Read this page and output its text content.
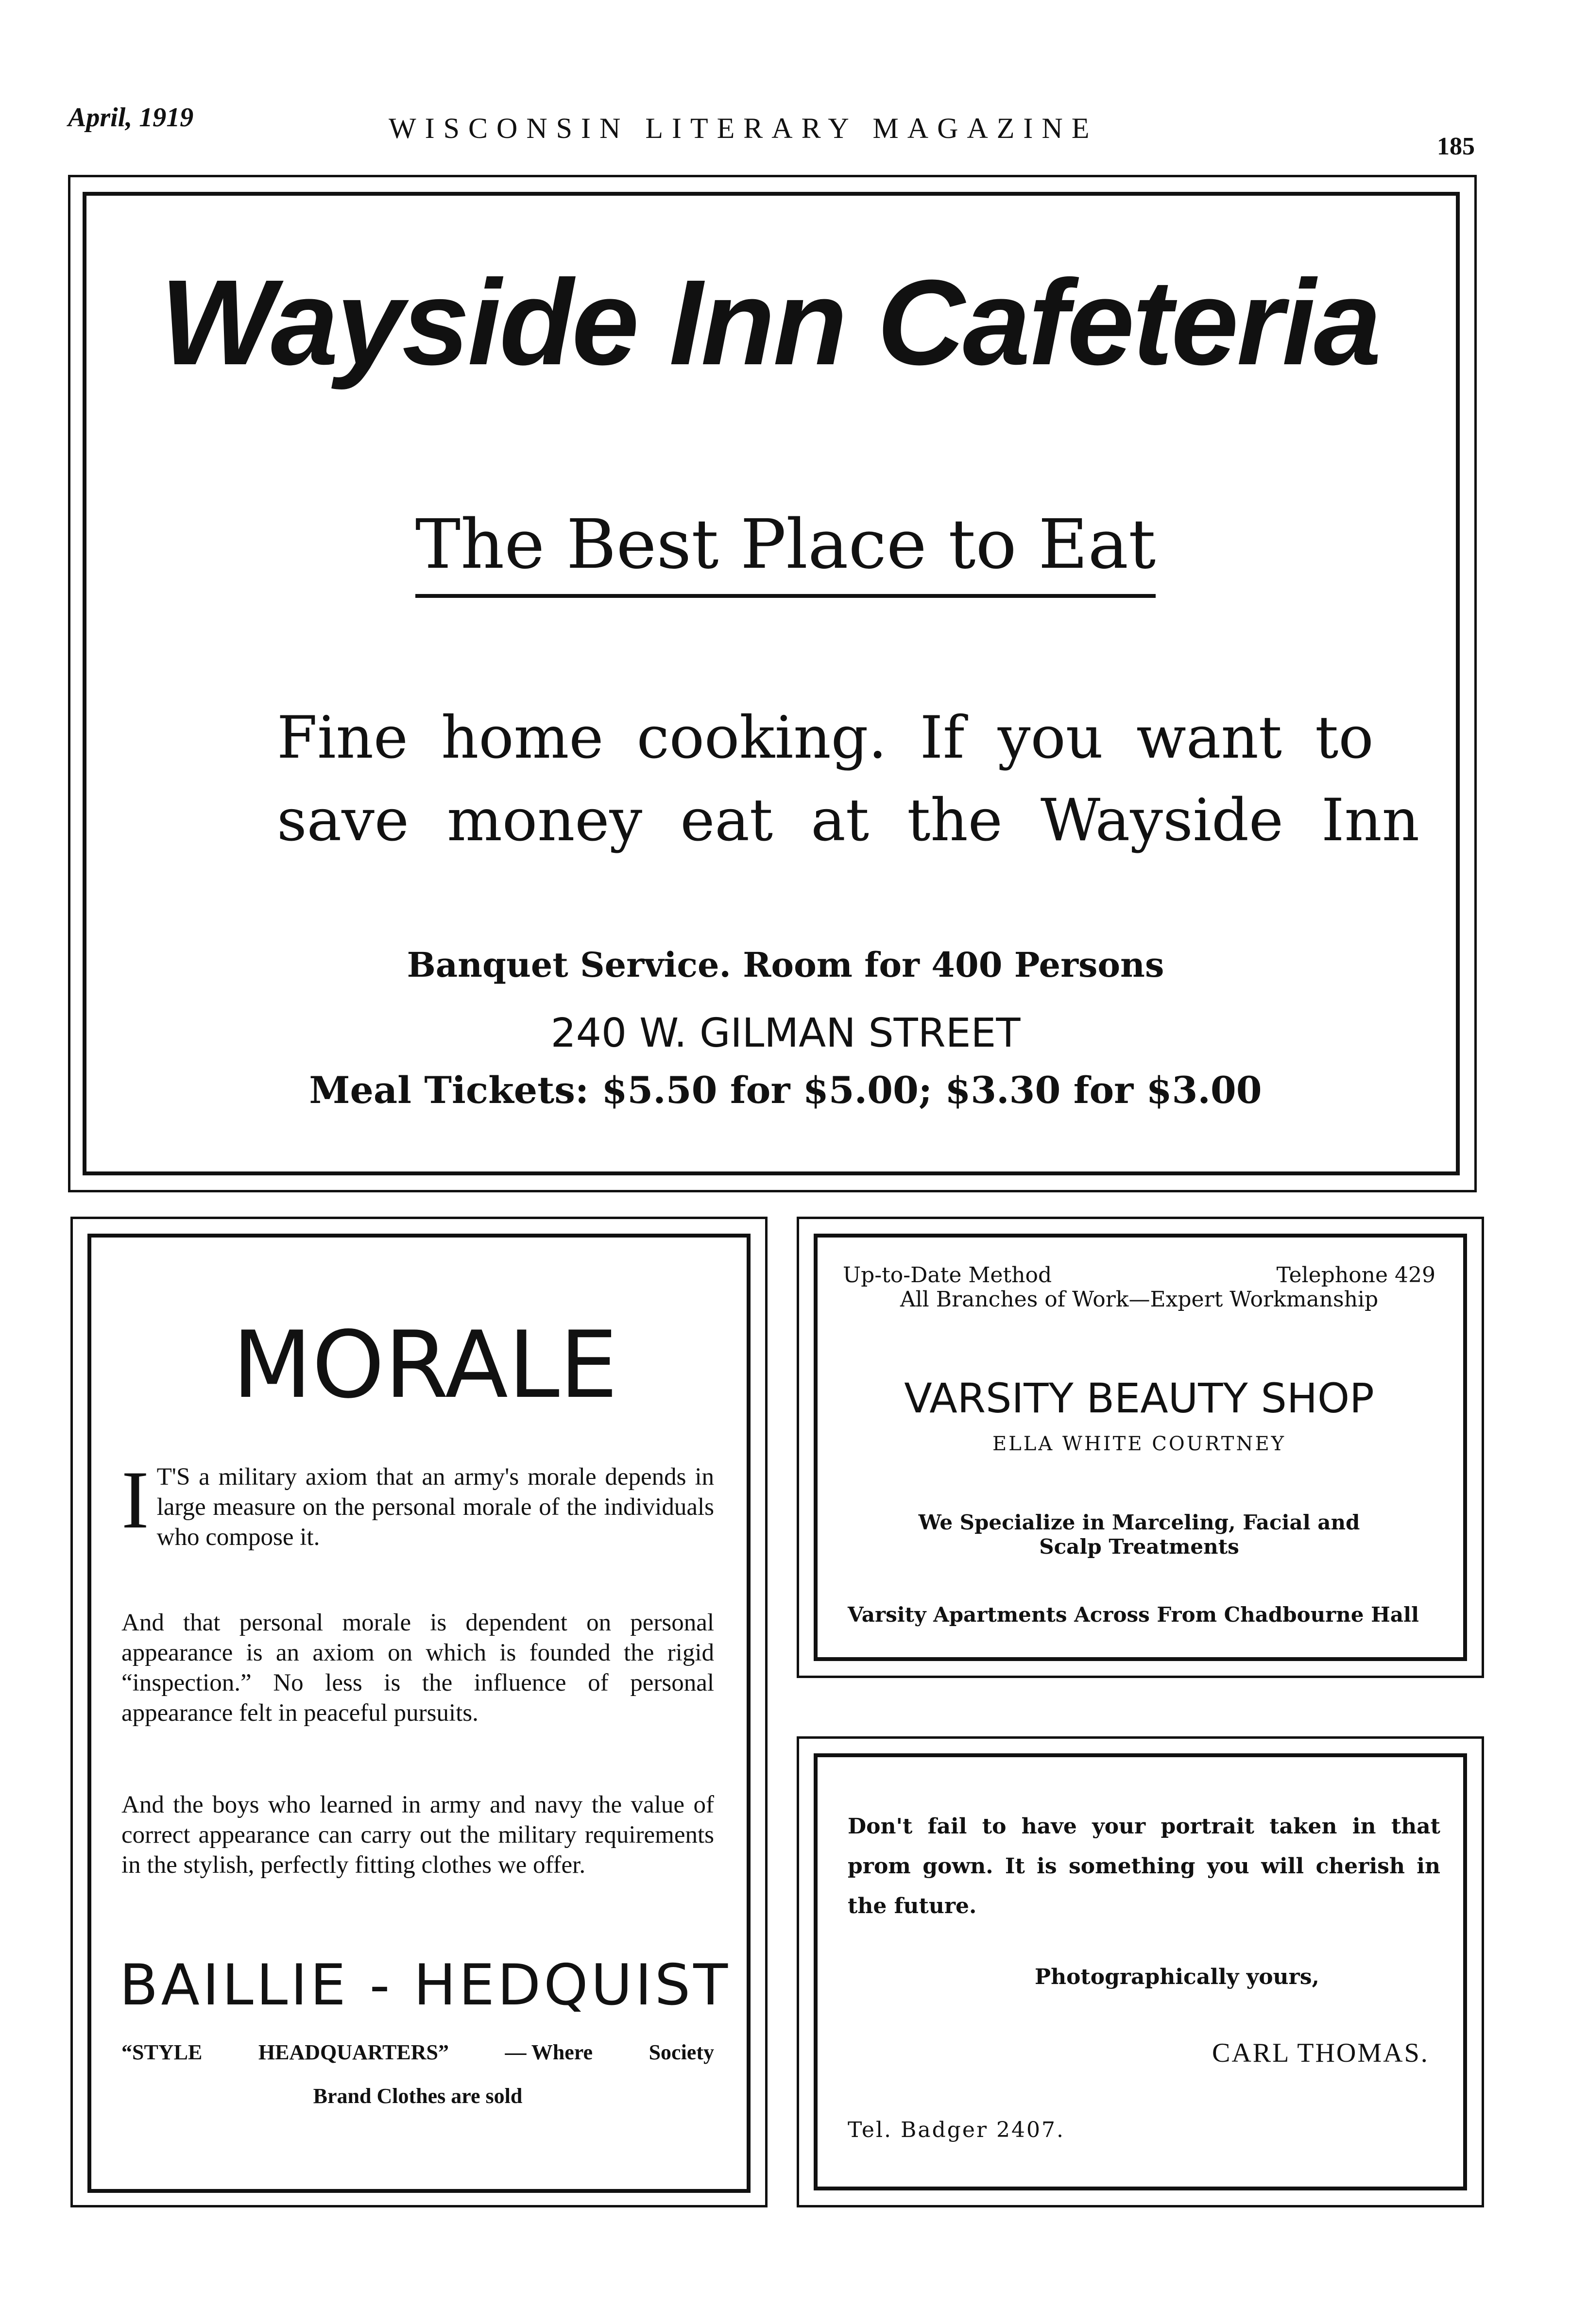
April, 1919	WISCONSIN LITERARY MAGAZINE
185
Wayside Inn Cafeteria
The Best Place to Eat
Fine home cooking. If you want to
save money eat at the Wayside Inn
Banquet Service. Room for 400 Persons
240 W. GILMAN STREET
Meal Tickets: $5.50 for $5.00; $3.30 for $3.00
MORALE
I T'S a military axiom that an army's morale depends in large measure on the personal morale of the individuals who compose it.
And that personal morale is dependent on personal appearance is an axiom on which is founded the rigid “inspection.” No less is the influence of personal appearance felt in peaceful pursuits.
And the boys who learned in army and navy the value of correct appearance can carry out the military requirements in the stylish, perfectly fitting clothes we offer.
BAILLIE - HEDQUIST
“STYLE	HEADQUARTERS”	— Where	Society
Brand Clothes are sold
Up-to-Date Method	Telephone 429
All Branches of Work—Expert Workmanship
VARSITY BEAUTY SHOP
ELLA WHITE COURTNEY
We Specialize in Marceling, Facial and
Scalp Treatments
Varsity Apartments Across From Chadbourne Hall
Don't fail to have your portrait taken in that prom gown. It is something you will cherish in the future.
Photographically yours,
CARL THOMAS.
Tel. Badger 2407.
